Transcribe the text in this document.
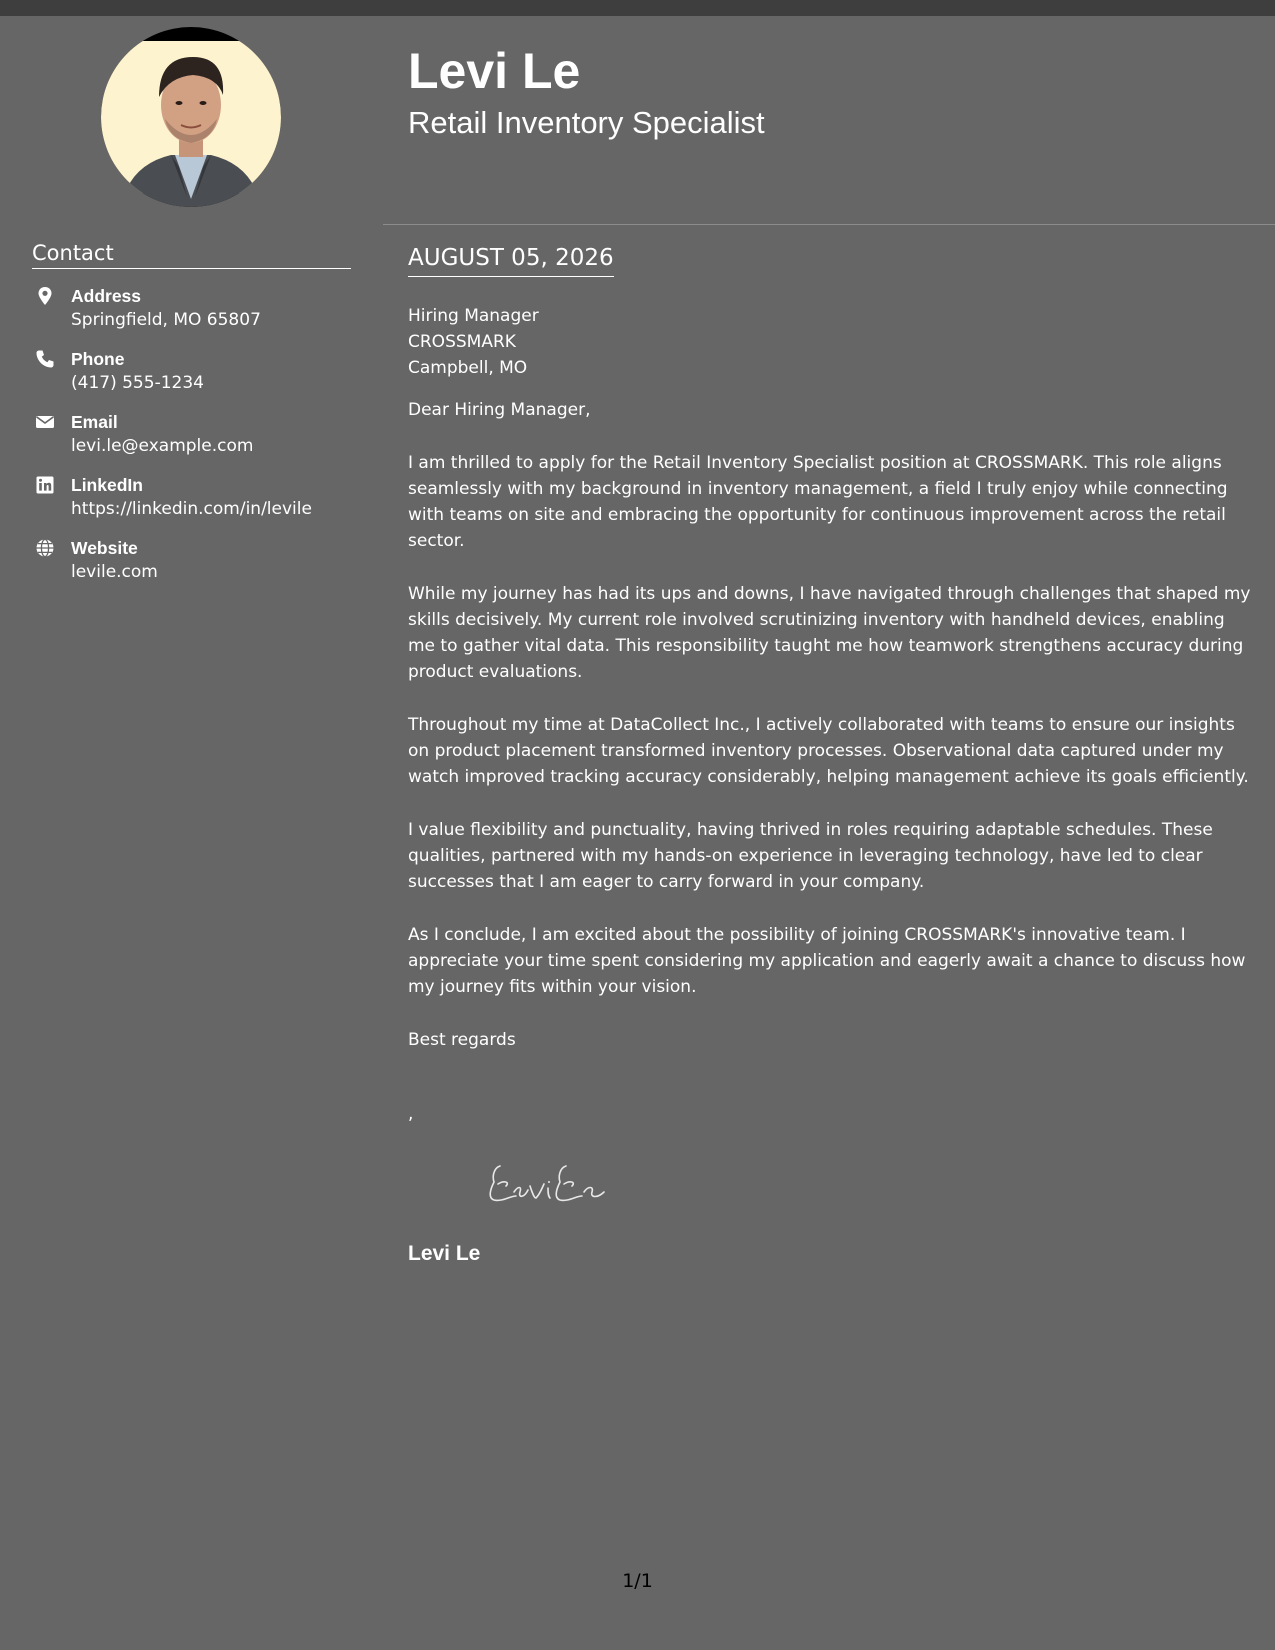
Contact
Address
Springfield, MO 65807
Phone
(417) 555-1234
Email
levi.le@example.com
LinkedIn
https://linkedin.com/in/levile
Website
levile.com
Levi Le
Retail Inventory Specialist
AUGUST 05, 2026
Hiring Manager
CROSSMARK
Campbell, MO

Dear Hiring Manager,

I am thrilled to apply for the Retail Inventory Specialist position at CROSSMARK. This role aligns seamlessly with my background in inventory management, a field I truly enjoy while connecting with teams on site and embracing the opportunity for continuous improvement across the retail sector.

While my journey has had its ups and downs, I have navigated through challenges that shaped my skills decisively. My current role involved scrutinizing inventory with handheld devices, enabling me to gather vital data. This responsibility taught me how teamwork strengthens accuracy during product evaluations.

Throughout my time at DataCollect Inc., I actively collaborated with teams to ensure our insights on product placement transformed inventory processes. Observational data captured under my watch improved tracking accuracy considerably, helping management achieve its goals efficiently.

I value flexibility and punctuality, having thrived in roles requiring adaptable schedules. These qualities, partnered with my hands-on experience in leveraging technology, have led to clear successes that I am eager to carry forward in your company.

As I conclude, I am excited about the possibility of joining CROSSMARK's innovative team. I appreciate your time spent considering my application and eagerly await a chance to discuss how my journey fits within your vision.

Best regards

,
Levi Le
1/1
